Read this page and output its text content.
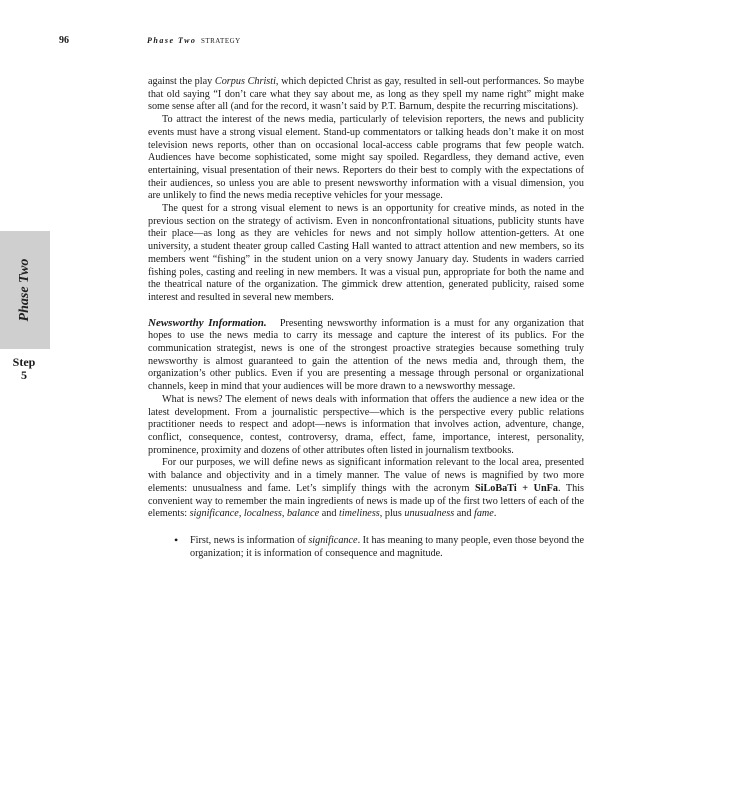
96	Phase Two STRATEGY
Phase Two
Step
5

against the play Corpus Christi, which depicted Christ as gay, resulted in sell-out performances. So maybe that old saying “I don’t care what they say about me, as long as they spell my name right” might make some sense after all (and for the record, it wasn’t said by P.T. Barnum, despite the recurring miscitations).

To attract the interest of the news media, particularly of television reporters, the news and publicity events must have a strong visual element. Stand-up commentators or talking heads don’t make it on most television news reports, other than on occasional local-access cable programs that few people watch. Audiences have become sophisticated, some might say spoiled. Regardless, they demand active, even entertaining, visual presentation of their news. Reporters do their best to comply with the expectations of their audiences, so unless you are able to present newsworthy information with a visual dimension, you are unlikely to find the news media receptive vehicles for your message.

The quest for a strong visual element to news is an opportunity for creative minds, as noted in the previous section on the strategy of activism. Even in nonconfrontational situations, publicity stunts have their place—as long as they are vehicles for news and not simply hollow attention-getters. At one university, a student theater group called Casting Hall wanted to attract attention and new members, so its members went “fishing” in the student union on a very snowy January day. Students in waders carried fishing poles, casting and reeling in new members. It was a visual pun, appropriate for both the name and the theatrical nature of the organization. The gimmick drew attention, generated publicity, raised some interest and resulted in several new members.

Newsworthy Information. Presenting newsworthy information is a must for any organization that hopes to use the news media to carry its message and capture the interest of its publics. For the communication strategist, news is one of the strongest proactive strategies because something truly newsworthy is almost guaranteed to gain the attention of the news media and, through them, the organization’s other publics. Even if you are presenting a message through personal or organizational channels, keep in mind that your audiences will be more drawn to a newsworthy message.

What is news? The element of news deals with information that offers the audience a new idea or the latest development. From a journalistic perspective—which is the perspective every public relations practitioner needs to respect and adopt—news is information that involves action, adventure, change, conflict, consequence, contest, controversy, drama, effect, fame, importance, interest, personality, prominence, proximity and dozens of other attributes often listed in journalism textbooks.

For our purposes, we will define news as significant information relevant to the local area, presented with balance and objectivity and in a timely manner. The value of news is magnified by two more elements: unusualness and fame. Let’s simplify things with the acronym SiLoBaTi + UnFa. This convenient way to remember the main ingredients of news is made up of the first two letters of each of the elements: significance, localness, balance and timeliness, plus unusualness and fame.

• First, news is information of significance. It has meaning to many people, even those beyond the organization; it is information of consequence and magnitude.
